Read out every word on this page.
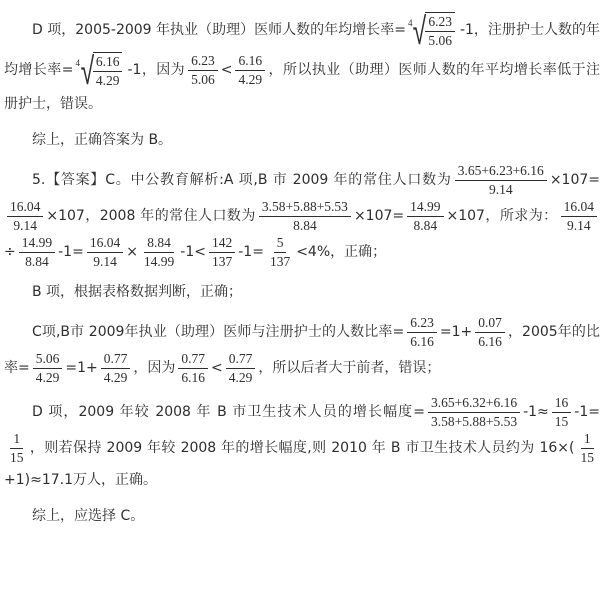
D 项，2005-2009 年执业（助理）医师人数的年均增长率= 4 √
$\frac{6.23}{5.06} -1$，注册护士人数的年均增长率= 4 √
$\frac{6.16}{4.29} -1$，因为 $\frac{6.23}{5.06} < \frac{6.16}{4.29}$ ，所以执业（助理）医师人数的年平均增长率低于注册护士，错误。
综上，正确答案为 B。
5.【答案】C。中公教育解析:A 项,B 市 2009 年的常住人口数为 $\frac{3.65+6.23+6.16}{9.14} \times 107=$
$\frac{16.04}{9.14} \times 107$，2008 年的常住人口数为 $\frac{3.58+5.88+5.53}{8.84} \times 107= \frac{14.99}{8.84} \times 107$，所求为： $\frac{16.04}{9.14}$
÷ $\frac{14.99}{8.84} -1= \frac{16.04}{9.14} \times \frac{8.84}{14.99} -1< \frac{142}{137} -1= \frac{5}{137} <4\%$，正确；
B 项，根据表格数据判断，正确；
C项,B市 2009年执业（助理）医师与注册护士的人数比率= $\frac{6.23}{6.16} =1+ \frac{0.07}{6.16}$ ，2005年的比率= $\frac{5.06}{4.29} =1+ \frac{0.77}{4.29}$ ，因为 $\frac{0.77}{6.16} < \frac{0.77}{4.29}$ ，所以后者大于前者，错误；
D 项，2009 年较 2008 年 B 市卫生技术人员的增长幅度= $\frac{3.65+6.32+6.16}{3.58+5.88+5.53} -1\approx \frac{16}{15} -1=$
$\frac{1}{15}$ ，则若保持 2009 年较 2008 年的增长幅度,则 2010 年 B 市卫生技术人员约为 $16\times( \frac{1}{15}$
+1)≈17.1万人，正确。
综上，应选择 C。
